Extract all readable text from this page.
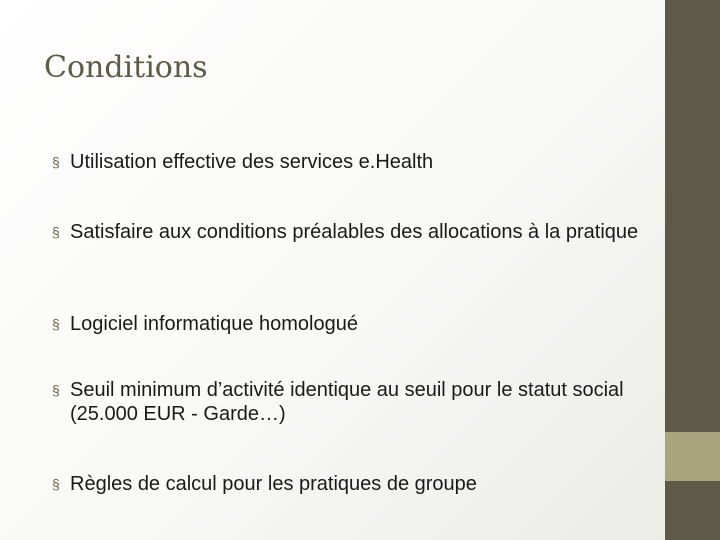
Conditions
§ Utilisation effective des services e.Health
§ Satisfaire aux conditions préalables des allocations à la pratique
§ Logiciel informatique homologué
§ Seuil minimum d’activité identique au seuil pour le statut social (25.000 EUR - Garde…)
§ Règles de calcul pour les pratiques de groupe
